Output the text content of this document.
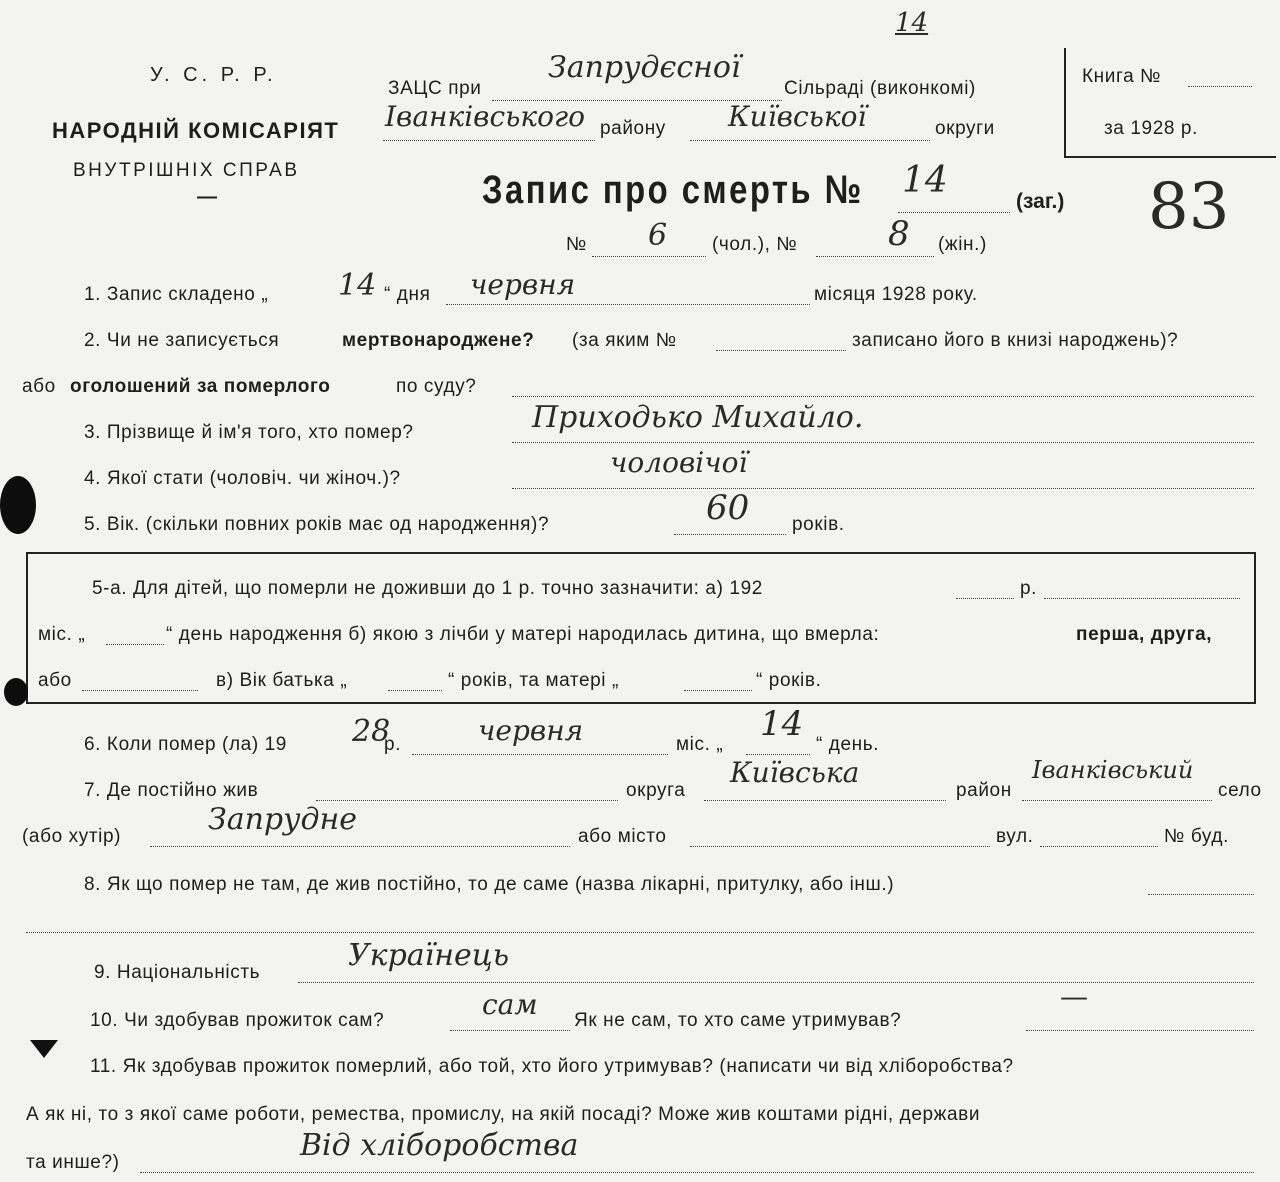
14
У. С. Р. Р.
НАРОДНІЙ КОМІСАРІЯТ
ВНУТРІШНІХ СПРАВ
—
ЗАЦС при
Запрудєсної
Сільраді (виконкомі)
Іванківського району Київської	округи
Книга №
за 1928 р.
Запис про смерть № 14
(заг.) 83
№ 6 (чол.), №	8 (жін.)
1. Запис складено „ 14 “ дня червня	місяця 1928 року.
2. Чи не записується	мертвонароджене? (за яким №	записано його в книзі народжень)?
або оголошений за померлого	по суду?
3. Прізвище й ім'я того, хто помер?	Приходько Михайло.
4. Якої стати (чоловіч. чи жіноч.)?	чоловічої
5. Вік. (скільки повних років має од народження)?	60 років.
5-а. Для дітей, що померли не доживши до 1 р. точно зазначити: а) 192	р.
міс. „	“ день народження б) якою з лічби у матері народилась дитина, що вмерла:	перша, друга,
або	в) Вік батька „	“ років, та матері „	“ років.
6. Коли помер (ла) 19 28
р.	червня	міс. „
14
“ день.
7. Де постійно жив	округа
Київська
район
Іванківський
село
(або хутір)	Запрудне	або місто	вул.	№ буд.
8. Як що помер не там, де жив постійно, то де саме (назва лікарні, притулку, або інш.)
9. Національність	Українець
10. Чи здобував прожиток сам?	сам Як не сам, то хто саме утримував?
—
11. Як здобував прожиток померлий, або той, хто його утримував? (написати чи від хліборобства?
А як ні, то з якої саме роботи, ремества, промислу, на якій посаді? Може жив коштами рідні, держави
та инше?)	Від хліборобства
